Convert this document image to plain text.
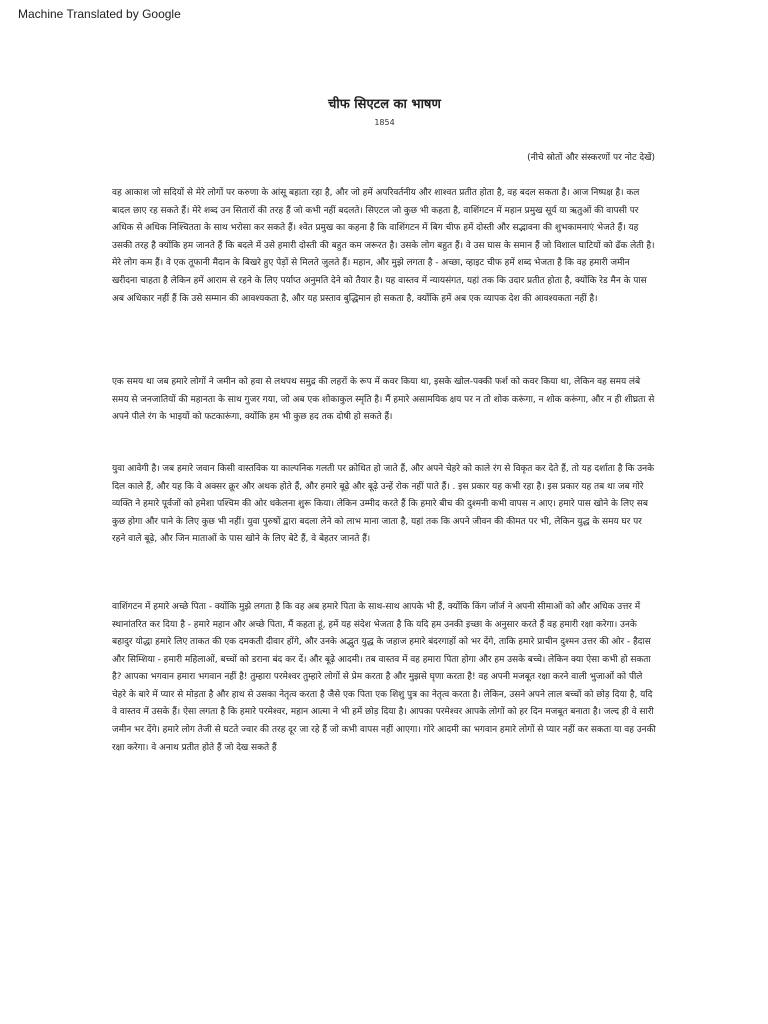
Machine Translated by Google
चीफ सिएटल का भाषण
1854
(नीचे स्रोतों और संस्करणों पर नोट देखें)

वह आकाश जो सदियों से मेरे लोगों पर करुणा के आंसू बहाता रहा है, और जो हमें अपरिवर्तनीय और शाश्वत प्रतीत होता है, वह बदल सकता है। आज निष्पक्ष है। कल बादल छाए रह सकते हैं। मेरे शब्द उन सितारों की तरह हैं जो कभी नहीं बदलते। सिएटल जो कुछ भी कहता है, वाशिंगटन में महान प्रमुख सूर्य या ऋतुओं की वापसी पर अधिक से अधिक निश्चितता के साथ भरोसा कर सकते हैं। श्वेत प्रमुख का कहना है कि वाशिंगटन में बिग चीफ हमें दोस्ती और सद्भावना की शुभकामनाएं भेजते हैं। यह उसकी तरह है क्योंकि हम जानते हैं कि बदले में उसे हमारी दोस्ती की बहुत कम जरूरत है। उसके लोग बहुत हैं। वे उस घास के समान हैं जो विशाल घाटियों को ढँक लेती है। मेरे लोग कम हैं। वे एक तूफानी मैदान के बिखरे हुए पेड़ों से मिलते जुलते हैं। महान, और मुझे लगता है - अच्छा, व्हाइट चीफ हमें शब्द भेजता है कि वह हमारी जमीन खरीदना चाहता है लेकिन हमें आराम से रहने के लिए पर्याप्त अनुमति देने को तैयार है। यह वास्तव में न्यायसंगत, यहां तक कि उदार प्रतीत होता है, क्योंकि रेड मैन के पास अब अधिकार नहीं हैं कि उसे सम्मान की आवश्यकता है, और यह प्रस्ताव बुद्धिमान हो सकता है, क्योंकि हमें अब एक व्यापक देश की आवश्यकता नहीं है।

एक समय था जब हमारे लोगों ने जमीन को हवा से लथपथ समुद्र की लहरों के रूप में कवर किया था, इसके खोल-पक्की फर्श को कवर किया था, लेकिन वह समय लंबे समय से जनजातियों की महानता के साथ गुजर गया, जो अब एक शोकाकुल स्मृति है। मैं हमारे असामयिक क्षय पर न तो शोक करूंगा, न शोक करूंगा, और न ही शीघ्रता से अपने पीले रंग के भाइयों को फटकारूंगा, क्योंकि हम भी कुछ हद तक दोषी हो सकते हैं।

युवा आवेगी है। जब हमारे जवान किसी वास्तविक या काल्पनिक गलती पर क्रोधित हो जाते हैं, और अपने चेहरे को काले रंग से विकृत कर देते हैं, तो यह दर्शाता है कि उनके दिल काले हैं, और यह कि वे अक्सर क्रूर और अथक होते हैं, और हमारे बूढ़े और बूढ़े उन्हें रोक नहीं पाते हैं। . इस प्रकार यह कभी रहा है। इस प्रकार यह तब था जब गोरे व्यक्ति ने हमारे पूर्वजों को हमेशा पश्चिम की ओर धकेलना शुरू किया। लेकिन उम्मीद करते हैं कि हमारे बीच की दुश्मनी कभी वापस न आए। हमारे पास खोने के लिए सब कुछ होगा और पाने के लिए कुछ भी नहीं। युवा पुरुषों द्वारा बदला लेने को लाभ माना जाता है, यहां तक कि अपने जीवन की कीमत पर भी, लेकिन युद्ध के समय घर पर रहने वाले बूढ़े, और जिन माताओं के पास खोने के लिए बेटे हैं, वे बेहतर जानते हैं।

वाशिंगटन में हमारे अच्छे पिता - क्योंकि मुझे लगता है कि वह अब हमारे पिता के साथ-साथ आपके भी हैं, क्योंकि किंग जॉर्ज ने अपनी सीमाओं को और अधिक उत्तर में स्थानांतरित कर दिया है - हमारे महान और अच्छे पिता, मैं कहता हूं, हमें यह संदेश भेजता है कि यदि हम उनकी इच्छा के अनुसार करते हैं वह हमारी रक्षा करेगा। उनके बहादुर योद्धा हमारे लिए ताकत की एक दमकती दीवार होंगे, और उनके अद्भुत युद्ध के जहाज हमारे बंदरगाहों को भर देंगे, ताकि हमारे प्राचीन दुश्मन उत्तर की ओर - हैदास और सिम्शिया - हमारी महिलाओं, बच्चों को डराना बंद कर दें। और बूढ़े आदमी। तब वास्तव में वह हमारा पिता होगा और हम उसके बच्चे। लेकिन क्या ऐसा कभी हो सकता है? आपका भगवान हमारा भगवान नहीं है! तुम्हारा परमेश्वर तुम्हारे लोगों से प्रेम करता है और मुझसे घृणा करता है! वह अपनी मजबूत रक्षा करने वाली भुजाओं को पीले चेहरे के बारे में प्यार से मोड़ता है और हाथ से उसका नेतृत्व करता है जैसे एक पिता एक शिशु पुत्र का नेतृत्व करता है। लेकिन, उसने अपने लाल बच्चों को छोड़ दिया है, यदि वे वास्तव में उसके हैं। ऐसा लगता है कि हमारे परमेश्वर, महान आत्मा ने भी हमें छोड़ दिया है। आपका परमेश्वर आपके लोगों को हर दिन मजबूत बनाता है। जल्द ही वे सारी जमीन भर देंगे। हमारे लोग तेजी से घटते ज्वार की तरह दूर जा रहे हैं जो कभी वापस नहीं आएगा। गोरे आदमी का भगवान हमारे लोगों से प्यार नहीं कर सकता या वह उनकी रक्षा करेगा। वे अनाथ प्रतीत होते हैं जो देख सकते हैं
